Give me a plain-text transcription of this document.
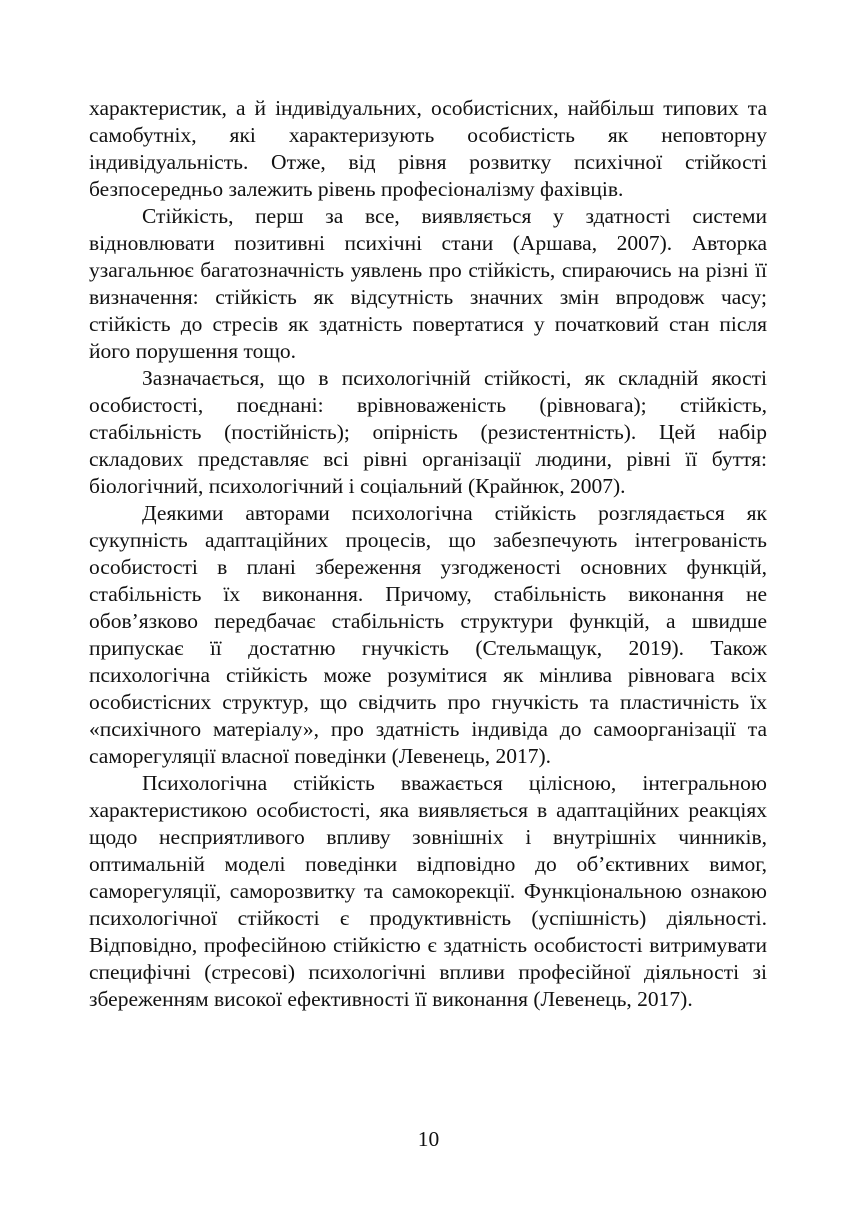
характеристик, а й індивідуальних, особистісних, найбільш типових та самобутніх, які характеризують особистість як неповторну індивідуальність. Отже, від рівня розвитку психічної стійкості безпосередньо залежить рівень професіоналізму фахівців.

Стійкість, перш за все, виявляється у здатності системи відновлювати позитивні психічні стани (Аршава, 2007). Авторка узагальнює багатозначність уявлень про стійкість, спираючись на різні її визначення: стійкість як відсутність значних змін впродовж часу; стійкість до стресів як здатність повертатися у початковий стан після його порушення тощо.

Зазначається, що в психологічній стійкості, як складній якості особистості, поєднані: врівноваженість (рівновага); стійкість, стабільність (постійність); опірність (резистентність). Цей набір складових представляє всі рівні організації людини, рівні її буття: біологічний, психологічний і соціальний (Крайнюк, 2007).

Деякими авторами психологічна стійкість розглядається як сукупність адаптаційних процесів, що забезпечують інтегрованість особистості в плані збереження узгодженості основних функцій, стабільність їх виконання. Причому, стабільність виконання не обов’язково передбачає стабільність структури функцій, а швидше припускає її достатню гнучкість (Стельмащук, 2019). Також психологічна стійкість може розумітися як мінлива рівновага всіх особистісних структур, що свідчить про гнучкість та пластичність їх «психічного матеріалу», про здатність індивіда до самоорганізації та саморегуляції власної поведінки (Левенець, 2017).

Психологічна стійкість вважається цілісною, інтегральною характеристикою особистості, яка виявляється в адаптаційних реакціях щодо несприятливого впливу зовнішніх і внутрішніх чинників, оптимальній моделі поведінки відповідно до об’єктивних вимог, саморегуляції, саморозвитку та самокорекції. Функціональною ознакою психологічної стійкості є продуктивність (успішність) діяльності. Відповідно, професійною стійкістю є здатність особистості витримувати специфічні (стресові) психологічні впливи професійної діяльності зі збереженням високої ефективності її виконання (Левенець, 2017).

10
